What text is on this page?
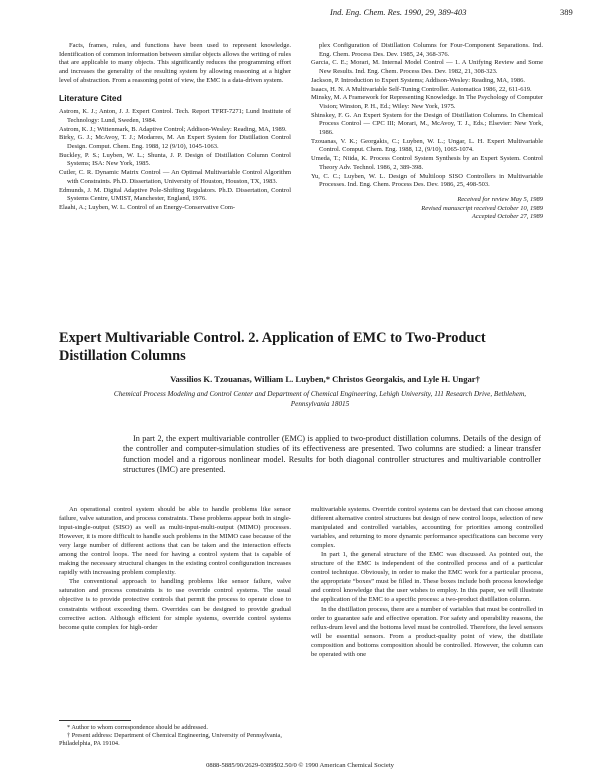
Ind. Eng. Chem. Res. 1990, 29, 389-403	389

Facts, frames, rules, and functions have been used to represent knowledge. Identification of common information between similar objects allows the writing of rules that are applicable to many objects. This significantly reduces the programming effort and increases the generality of the resulting system by allowing reasoning at a higher level of abstraction. From a reasoning point of view, the EMC is a data-driven system.

Literature Cited

Astrom, K. J.; Anton, J. J. Expert Control. Tech. Report TFRT-7271; Lund Institute of Technology: Lund, Sweden, 1984.

Astrom, K. J.; Wittenmark, B. Adaptive Control; Addison-Wesley: Reading, MA, 1989.

Birky, G. J.; McAvoy, T. J.; Modarres, M. An Expert System for Distillation Control Design. Comput. Chem. Eng. 1988, 12 (9/10), 1045-1063.

Buckley, P. S.; Luyben, W. L.; Shunta, J. P. Design of Distillation Column Control Systems; ISA: New York, 1985.

Cutler, C. R. Dynamic Matrix Control — An Optimal Multivariable Control Algorithm with Constraints. Ph.D. Dissertation, University of Houston, Houston, TX, 1983.

Edmunds, J. M. Digital Adaptive Pole-Shifting Regulators. Ph.D. Dissertation, Control Systems Centre, UMIST, Manchester, England, 1976.

Elaahi, A.; Luyben, W. L. Control of an Energy-Conservative Com-

plex Configuration of Distillation Columns for Four-Component Separations. Ind. Eng. Chem. Process Des. Dev. 1985, 24, 368-376.

Garcia, C. E.; Morari, M. Internal Model Control — 1. A Unifying Review and Some New Results. Ind. Eng. Chem. Process Des. Dev. 1982, 21, 308-323.

Jackson, P. Introduction to Expert Systems; Addison-Wesley: Reading, MA, 1986.

Isaacs, H. N. A Multivariable Self-Tuning Controller. Automatica 1986, 22, 611-619.

Minsky, M. A Framework for Representing Knowledge. In The Psychology of Computer Vision; Winston, P. H., Ed.; Wiley: New York, 1975.

Shinskey, F. G. An Expert System for the Design of Distillation Columns. In Chemical Process Control — CPC III; Morari, M., McAvoy, T. J., Eds.; Elsevier: New York, 1986.

Tzouanas, V. K.; Georgakis, C.; Luyben, W. L.; Ungar, L. H. Expert Multivariable Control. Comput. Chem. Eng. 1988, 12, (9/10), 1065-1074.

Umeda, T.; Niida, K. Process Control System Synthesis by an Expert System. Control Theory Adv. Technol. 1986, 2, 389-398.

Yu, C. C.; Luyben, W. L. Design of Multiloop SISO Controllers in Multivariable Processes. Ind. Eng. Chem. Process Des. Dev. 1986, 25, 498-503.

Received for review May 5, 1989
Revised manuscript received October 10, 1989
Accepted October 27, 1989
Expert Multivariable Control. 2. Application of EMC to Two-Product Distillation Columns
Vassilios K. Tzouanas, William L. Luyben,* Christos Georgakis, and Lyle H. Ungar†
Chemical Process Modeling and Control Center and Department of Chemical Engineering, Lehigh University, 111 Research Drive, Bethlehem, Pennsylvania 18015
In part 2, the expert multivariable controller (EMC) is applied to two-product distillation columns. Details of the design of the controller and computer-simulation studies of its effectiveness are presented. Two columns are studied: a linear transfer function model and a rigorous nonlinear model. Results for both diagonal controller structures and multivariable controller structures (IMC) are presented.

An operational control system should be able to handle problems like sensor failure, valve saturation, and process constraints. These problems appear both in single-input-single-output (SISO) as well as multi-input-multi-output (MIMO) processes. However, it is more difficult to handle such problems in the MIMO case because of the very large number of different actions that can be taken and the interaction effects among the control loops. The need for having a control system that is capable of making the necessary structural changes in the existing control configuration increases rapidly with increasing problem complexity.

The conventional approach to handling problems like sensor failure, valve saturation and process constraints is to use override control systems. The usual objective is to provide protective controls that permit the process to operate close to constraints without exceeding them. Overrides can be designed to provide gradual corrective action. Although efficient for simple systems, override control systems become quite complex for high-order

multivariable systems. Override control systems can be devised that can choose among different alternative control structures but design of new control loops, selection of new manipulated and controlled variables, accounting for priorities among controlled variables, and returning to more dynamic performance specifications can become very complex.

In part 1, the general structure of the EMC was discussed. As pointed out, the structure of the EMC is independent of the controlled process and of a particular control technique. Obviously, in order to make the EMC work for a particular process, the appropriate “boxes” must be filled in. These boxes include both process knowledge and control knowledge that the user wishes to employ. In this paper, we will illustrate the application of the EMC to a specific process: a two-product distillation column.

In the distillation process, there are a number of variables that must be controlled in order to guarantee safe and effective operation. For safety and operability reasons, the reflux-drum level and the bottoms level must be controlled. Therefore, the level sensors will be essential sensors. From a product-quality point of view, the distillate composition and bottoms composition should be controlled. However, the column can be operated with one

* Author to whom correspondence should be addressed.

† Present address: Department of Chemical Engineering, University of Pennsylvania, Philadelphia, PA 19104.

0888-5885/90/2629-0389$02.50/0 © 1990 American Chemical Society
